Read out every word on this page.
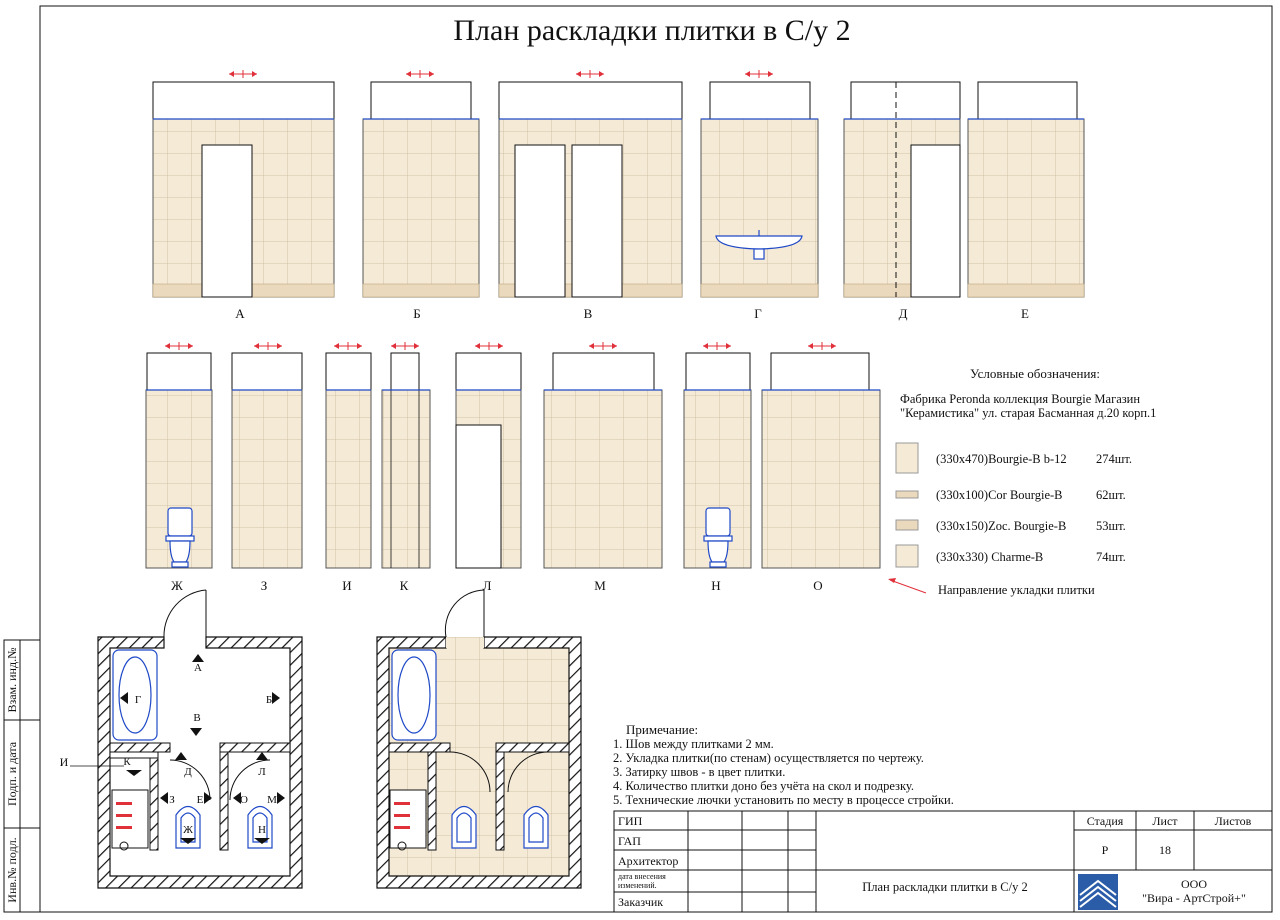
План раскладки плитки в С/у 2
А	Б	В	Г	Д	Е
Ж	З	И	К	Л	М	Н	О
Условные обозначения:
Фабрика Peronda коллекция Bourgie Магазин
"Керамистика" ул. старая Басманная д.20 корп.1
(330x470)Bourgie-B b-12 274шт.
(330x100)Cor Bourgie-B	62шт.
(330x150)Zoc. Bourgie-B 53шт.
(330x330) Charme-B	74шт.
Направление укладки плитки
А
Б
Г
В
К
Д	Л
З Е	О М
Ж	Н
И
Примечание:
1. Шов между плитками 2 мм.
2. Укладка плитки(по стенам) осуществляется по чертежу.
3. Затирку швов - в цвет плитки.
4. Количество плитки доно без учёта на скол и подрезку.
5. Технические лючки установить по месту в процессе стройки.
Взам. инд.№
Подп. и дата
Инв.№ подл.
ГИП
ГАП
Архитектор
дата внесения
изменений.
Заказчик
Стадия Лист	Листов
Р	18
План раскладки плитки в С/у 2	ООО
"Вира - АртСтрой+"
